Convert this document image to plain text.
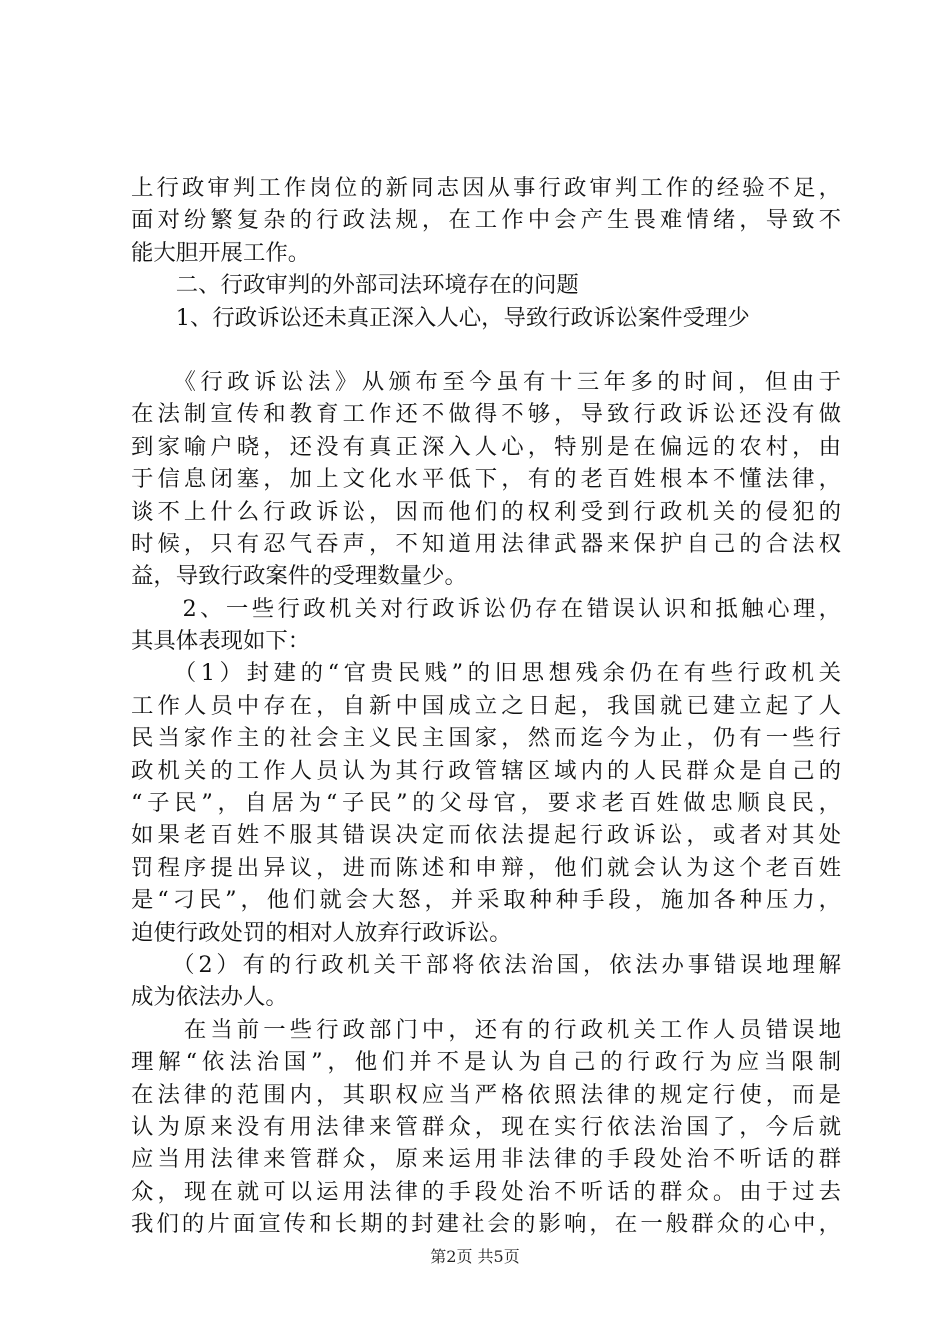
上行政审判工作岗位的新同志因从事行政审判工作的经验不足，
面对纷繁复杂的行政法规，在工作中会产生畏难情绪，导致不
能大胆开展工作。
　　二、行政审判的外部司法环境存在的问题
　　1、行政诉讼还未真正深入人心，导致行政诉讼案件受理少
　　《行政诉讼法》从颁布至今虽有十三年多的时间，但由于
在法制宣传和教育工作还不做得不够，导致行政诉讼还没有做
到家喻户晓，还没有真正深入人心，特别是在偏远的农村，由
于信息闭塞，加上文化水平低下，有的老百姓根本不懂法律，
谈不上什么行政诉讼，因而他们的权利受到行政机关的侵犯的
时候，只有忍气吞声，不知道用法律武器来保护自己的合法权
益，导致行政案件的受理数量少。
　　2、一些行政机关对行政诉讼仍存在错误认识和抵触心理，
其具体表现如下：
　　（1）封建的“官贵民贱”的旧思想残余仍在有些行政机关
工作人员中存在，自新中国成立之日起，我国就已建立起了人
民当家作主的社会主义民主国家，然而迄今为止，仍有一些行
政机关的工作人员认为其行政管辖区域内的人民群众是自己的
“子民”，自居为“子民”的父母官，要求老百姓做忠顺良民，
如果老百姓不服其错误决定而依法提起行政诉讼，或者对其处
罚程序提出异议，进而陈述和申辩，他们就会认为这个老百姓
是“刁民”，他们就会大怒，并采取种种手段，施加各种压力，
迫使行政处罚的相对人放弃行政诉讼。
　　（2）有的行政机关干部将依法治国，依法办事错误地理解
成为依法办人。
　　在当前一些行政部门中，还有的行政机关工作人员错误地
理解“依法治国”，他们并不是认为自己的行政行为应当限制
在法律的范围内，其职权应当严格依照法律的规定行使，而是
认为原来没有用法律来管群众，现在实行依法治国了，今后就
应当用法律来管群众，原来运用非法律的手段处治不听话的群
众，现在就可以运用法律的手段处治不听话的群众。由于过去
我们的片面宣传和长期的封建社会的影响，在一般群众的心中，
第2页 共5页
